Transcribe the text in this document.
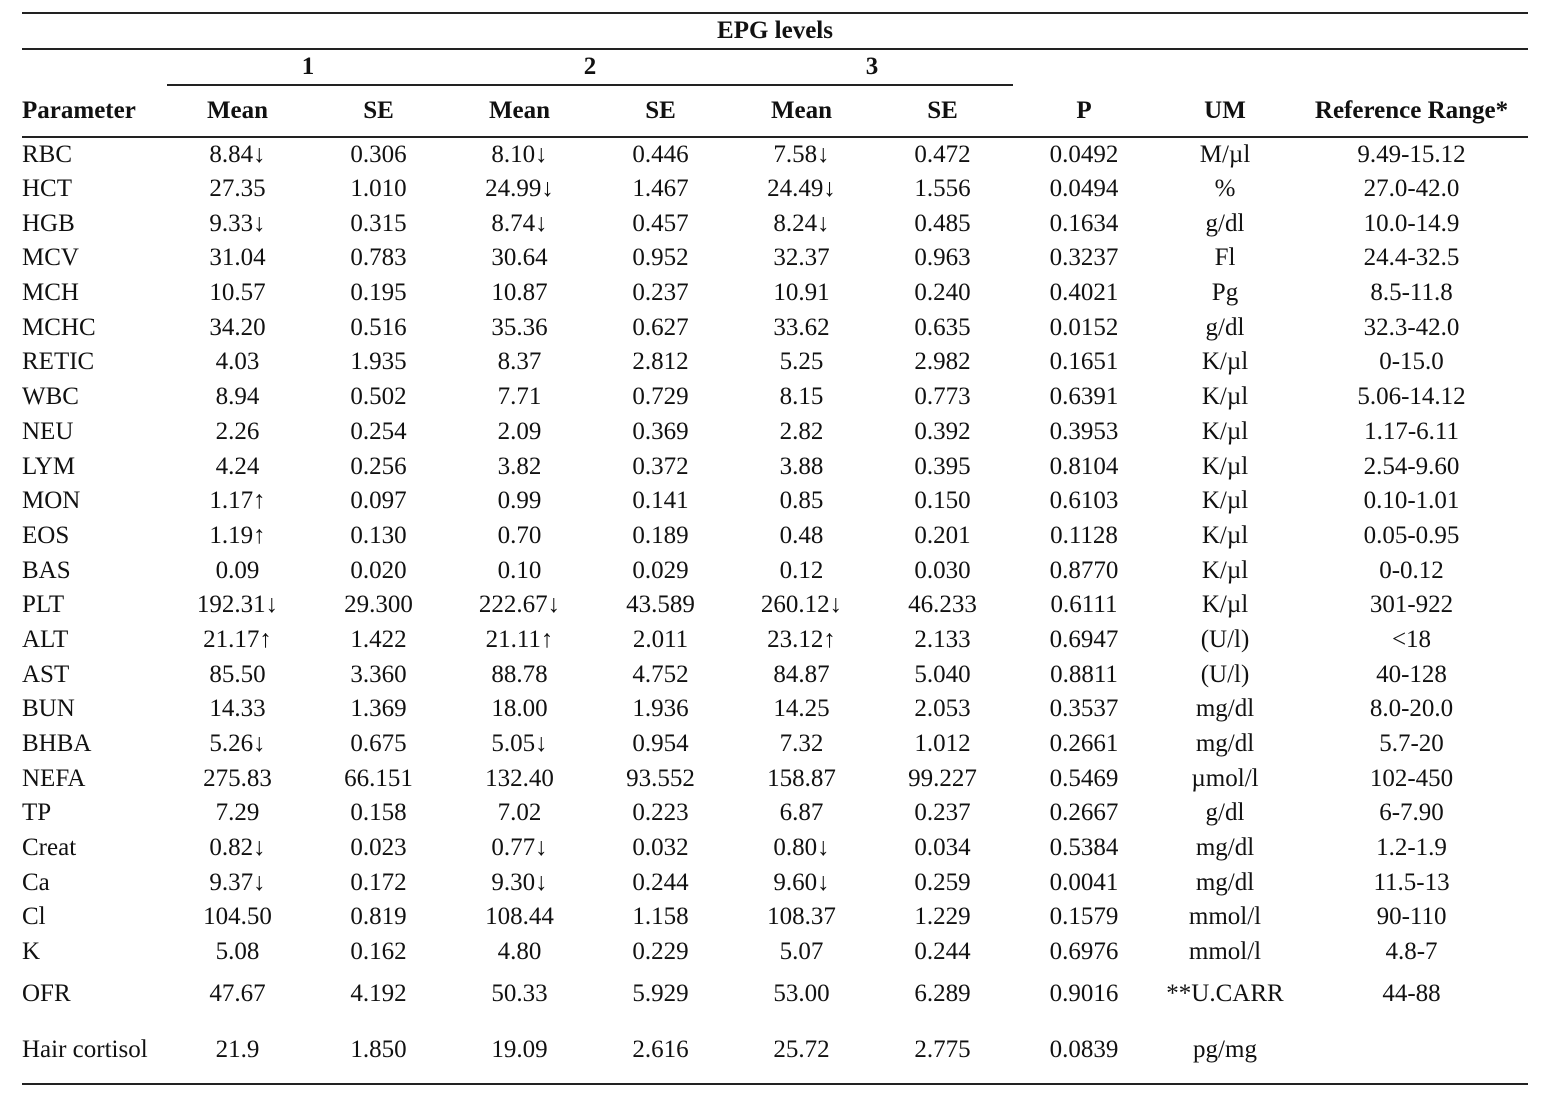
EPG levels									
	1		2		3				
Parameter	Mean	SE	Mean	SE	Mean	SE	P	UM	Reference Range*
RBC	8.84↓	0.306	8.10↓	0.446	7.58↓	0.472	0.0492	M/µl	9.49-15.12
HCT	27.35	1.010	24.99↓	1.467	24.49↓	1.556	0.0494	%	27.0-42.0
HGB	9.33↓	0.315	8.74↓	0.457	8.24↓	0.485	0.1634	g/dl	10.0-14.9
MCV	31.04	0.783	30.64	0.952	32.37	0.963	0.3237	Fl	24.4-32.5
MCH	10.57	0.195	10.87	0.237	10.91	0.240	0.4021	Pg	8.5-11.8
MCHC	34.20	0.516	35.36	0.627	33.62	0.635	0.0152	g/dl	32.3-42.0
RETIC	4.03	1.935	8.37	2.812	5.25	2.982	0.1651	K/µl	0-15.0
WBC	8.94	0.502	7.71	0.729	8.15	0.773	0.6391	K/µl	5.06-14.12
NEU	2.26	0.254	2.09	0.369	2.82	0.392	0.3953	K/µl	1.17-6.11
LYM	4.24	0.256	3.82	0.372	3.88	0.395	0.8104	K/µl	2.54-9.60
MON	1.17↑	0.097	0.99	0.141	0.85	0.150	0.6103	K/µl	0.10-1.01
EOS	1.19↑	0.130	0.70	0.189	0.48	0.201	0.1128	K/µl	0.05-0.95
BAS	0.09	0.020	0.10	0.029	0.12	0.030	0.8770	K/µl	0-0.12
PLT	192.31↓	29.300	222.67↓	43.589	260.12↓	46.233	0.6111	K/µl	301-922
ALT	21.17↑	1.422	21.11↑	2.011	23.12↑	2.133	0.6947	(U/l)	<18
AST	85.50	3.360	88.78	4.752	84.87	5.040	0.8811	(U/l)	40-128
BUN	14.33	1.369	18.00	1.936	14.25	2.053	0.3537	mg/dl	8.0-20.0
BHBA	5.26↓	0.675	5.05↓	0.954	7.32	1.012	0.2661	mg/dl	5.7-20
NEFA	275.83	66.151	132.40	93.552	158.87	99.227	0.5469	µmol/l	102-450
TP	7.29	0.158	7.02	0.223	6.87	0.237	0.2667	g/dl	6-7.90
Creat	0.82↓	0.023	0.77↓	0.032	0.80↓	0.034	0.5384	mg/dl	1.2-1.9
Ca	9.37↓	0.172	9.30↓	0.244	9.60↓	0.259	0.0041	mg/dl	11.5-13
Cl	104.50	0.819	108.44	1.158	108.37	1.229	0.1579	mmol/l	90-110
K	5.08	0.162	4.80	0.229	5.07	0.244	0.6976	mmol/l	4.8-7
OFR	47.67	4.192	50.33	5.929	53.00	6.289	0.9016	**U.CARR	44-88
Hair cortisol	21.9	1.850	19.09	2.616	25.72	2.775	0.0839	pg/mg	
